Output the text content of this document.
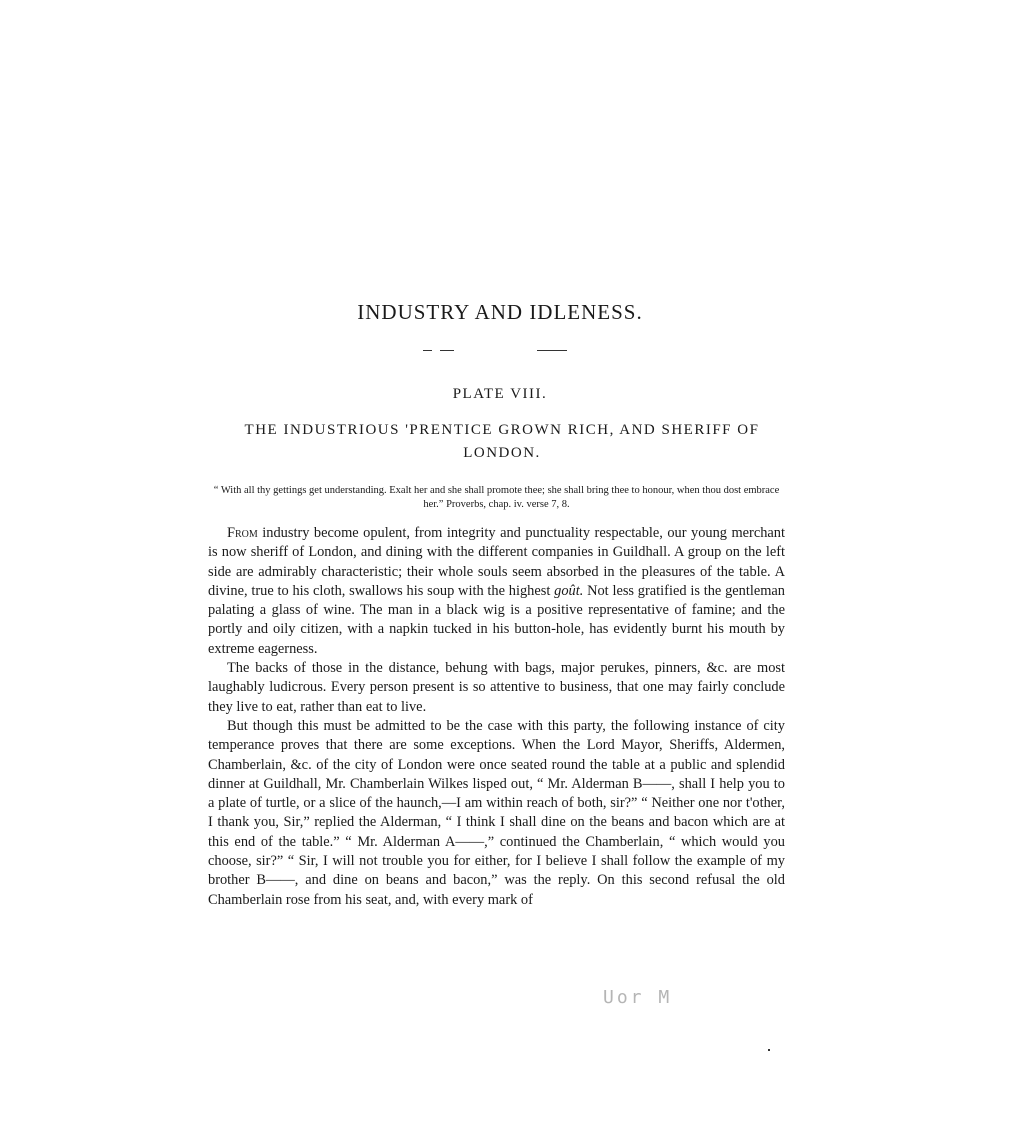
INDUSTRY AND IDLENESS.

PLATE VIII.

THE INDUSTRIOUS 'PRENTICE GROWN RICH, AND SHERIFF OF LONDON.

“ With all thy gettings get understanding. Exalt her and she shall promote thee; she shall bring thee to honour, when thou dost embrace her.” Proverbs, chap. iv. verse 7, 8.

From industry become opulent, from integrity and punctuality respectable, our young merchant is now sheriff of London, and dining with the different companies in Guildhall. A group on the left side are admirably characteristic; their whole souls seem absorbed in the pleasures of the table. A divine, true to his cloth, swallows his soup with the highest goût. Not less gratified is the gentleman palating a glass of wine. The man in a black wig is a positive representative of famine; and the portly and oily citizen, with a napkin tucked in his button-hole, has evidently burnt his mouth by extreme eagerness.

The backs of those in the distance, behung with bags, major perukes, pinners, &c. are most laughably ludicrous. Every person present is so attentive to business, that one may fairly conclude they live to eat, rather than eat to live.

But though this must be admitted to be the case with this party, the following instance of city temperance proves that there are some exceptions. When the Lord Mayor, Sheriffs, Aldermen, Chamberlain, &c. of the city of London were once seated round the table at a public and splendid dinner at Guildhall, Mr. Chamberlain Wilkes lisped out, “ Mr. Alderman B——, shall I help you to a plate of turtle, or a slice of the haunch,—I am within reach of both, sir?” “ Neither one nor t'other, I thank you, Sir,” replied the Alderman, “ I think I shall dine on the beans and bacon which are at this end of the table.” “ Mr. Alderman A——,” continued the Chamberlain, “ which would you choose, sir?” “ Sir, I will not trouble you for either, for I believe I shall follow the example of my brother B——, and dine on beans and bacon,” was the reply. On this second refusal the old Chamberlain rose from his seat, and, with every mark of

Uor M
